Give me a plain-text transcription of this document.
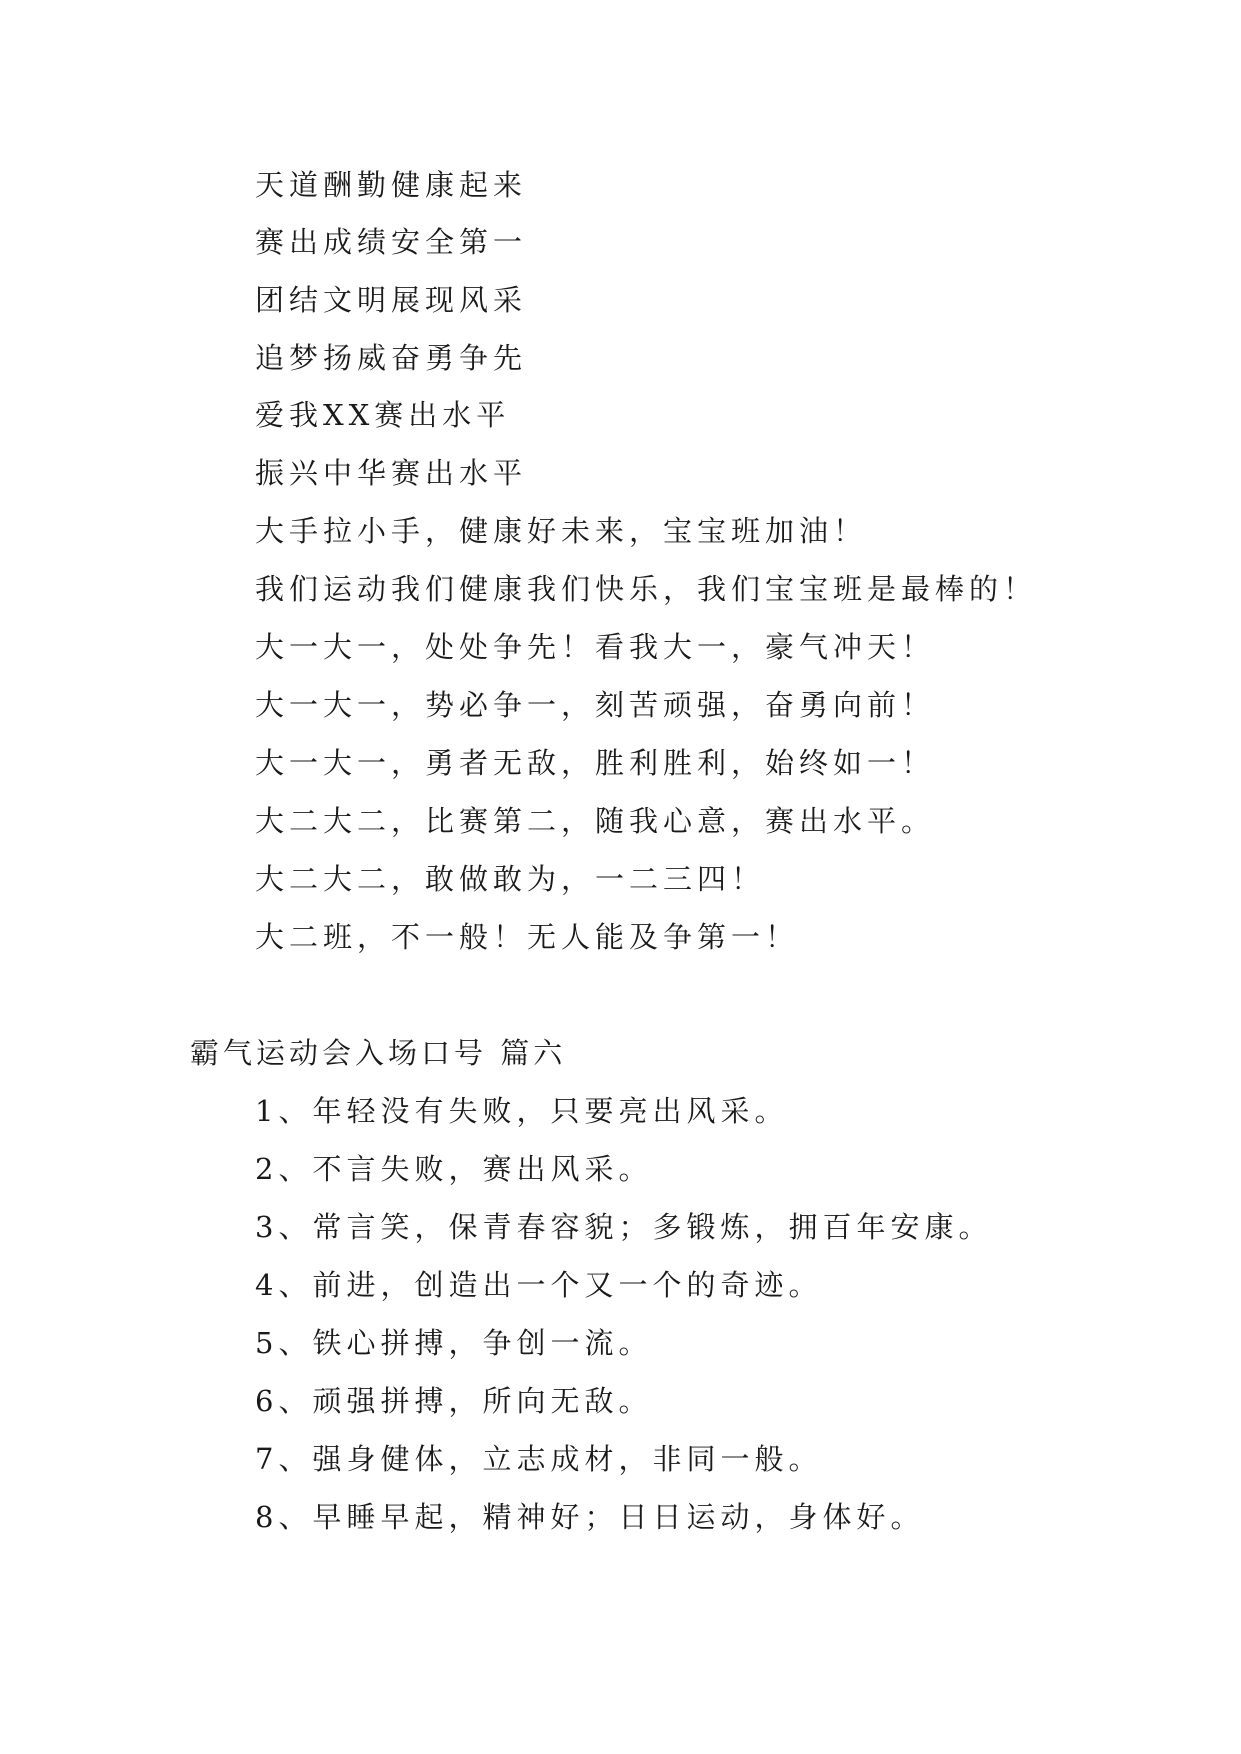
天道酬勤健康起来
赛出成绩安全第一
团结文明展现风采
追梦扬威奋勇争先
爱我XX赛出水平
振兴中华赛出水平
大手拉小手，健康好未来，宝宝班加油！
我们运动我们健康我们快乐，我们宝宝班是最棒的！
大一大一，处处争先！看我大一，豪气冲天！
大一大一，势必争一，刻苦顽强，奋勇向前！
大一大一，勇者无敌，胜利胜利，始终如一！
大二大二，比赛第二，随我心意，赛出水平。
大二大二，敢做敢为，一二三四！
大二班，不一般！无人能及争第一！
霸气运动会入场口号 篇六
1、年轻没有失败，只要亮出风采。
2、不言失败，赛出风采。
3、常言笑，保青春容貌；多锻炼，拥百年安康。
4、前进，创造出一个又一个的奇迹。
5、铁心拼搏，争创一流。
6、顽强拼搏，所向无敌。
7、强身健体，立志成材，非同一般。
8、早睡早起，精神好；日日运动，身体好。
